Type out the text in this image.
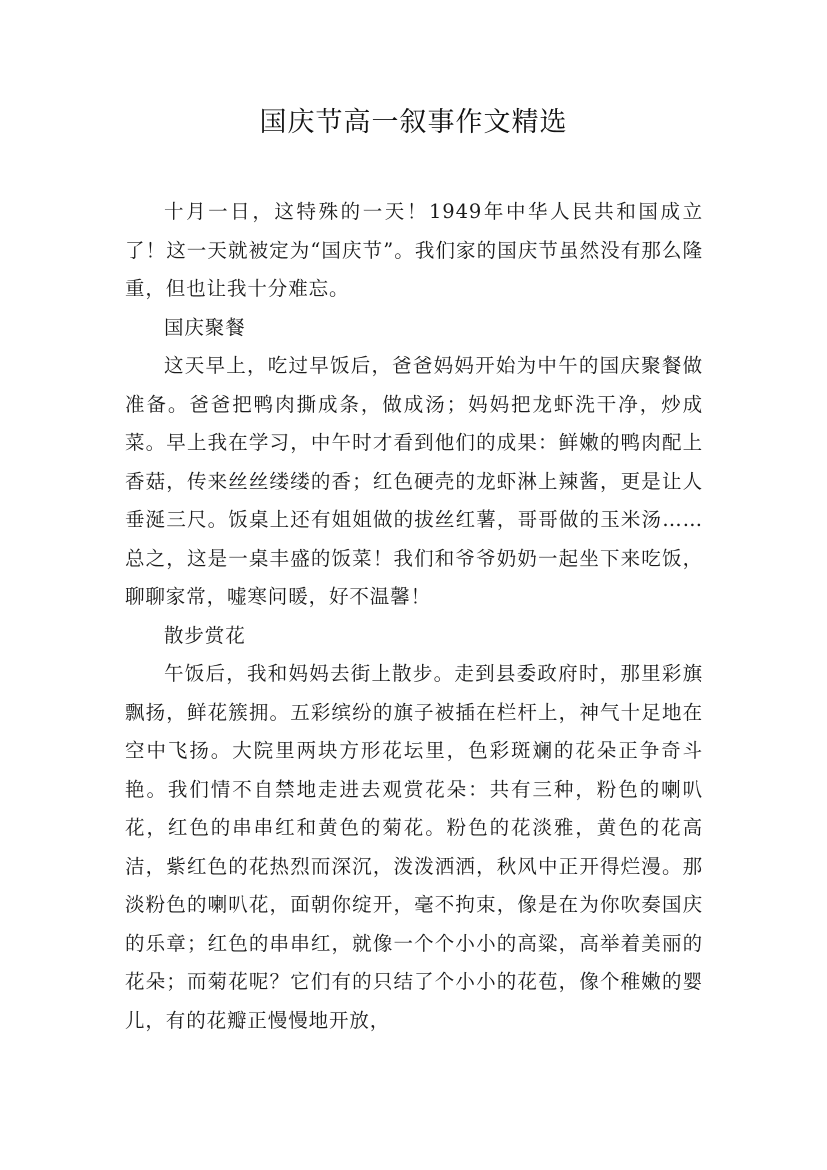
国庆节高一叙事作文精选

十月一日，这特殊的一天！1949年中华人民共和国成立了！这一天就被定为“国庆节”。我们家的国庆节虽然没有那么隆重，但也让我十分难忘。

国庆聚餐

这天早上，吃过早饭后，爸爸妈妈开始为中午的国庆聚餐做准备。爸爸把鸭肉撕成条，做成汤；妈妈把龙虾洗干净，炒成菜。早上我在学习，中午时才看到他们的成果：鲜嫩的鸭肉配上香菇，传来丝丝缕缕的香；红色硬壳的龙虾淋上辣酱，更是让人垂涎三尺。饭桌上还有姐姐做的拔丝红薯，哥哥做的玉米汤……总之，这是一桌丰盛的饭菜！我们和爷爷奶奶一起坐下来吃饭，聊聊家常，嘘寒问暖，好不温馨！

散步赏花

午饭后，我和妈妈去街上散步。走到县委政府时，那里彩旗飘扬，鲜花簇拥。五彩缤纷的旗子被插在栏杆上，神气十足地在空中飞扬。大院里两块方形花坛里，色彩斑斓的花朵正争奇斗艳。我们情不自禁地走进去观赏花朵：共有三种，粉色的喇叭花，红色的串串红和黄色的菊花。粉色的花淡雅，黄色的花高洁，紫红色的花热烈而深沉，泼泼洒洒，秋风中正开得烂漫。那淡粉色的喇叭花，面朝你绽开，毫不拘束，像是在为你吹奏国庆的乐章；红色的串串红，就像一个个小小的高粱，高举着美丽的花朵；而菊花呢？它们有的只结了个小小的花苞，像个稚嫩的婴儿，有的花瓣正慢慢地开放，
